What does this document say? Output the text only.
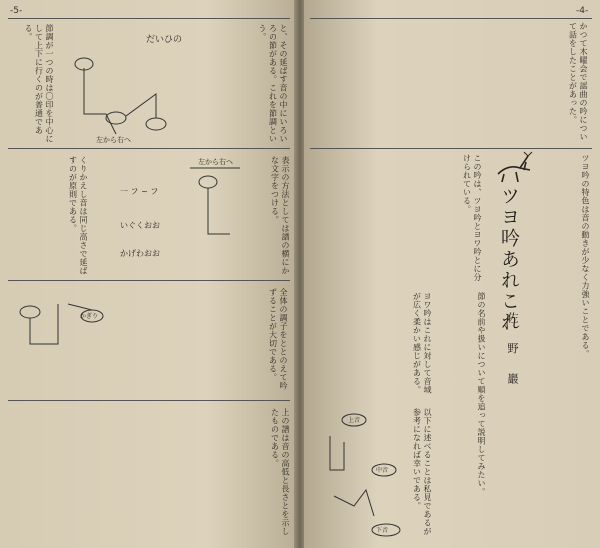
-5-
と、その延ばす音の中にいろいろの節がある。これを節調という。
節調が一つの時は〇印を中心にして上下に行くのが普通である。
表示の方法としては譜の横にかな文字をつける。
くりかえし音は同じ高さで延ばすのが原則である。
全体の調子をととのえて吟ずることが大切である。
上の譜は音の高低と長さとを示したものである。
だいひの
左から右へ
左から右へ
一 フ ~ フ
いぐくおお
かげわおお
かぎり
-4-
かつて木曜会で謡曲の吟について話をしたことがあった。
この吟は、ツヨ吟とヨワ吟とに分けられている。	ツヨ吟の特色は音の動きが少なく力強いことである。
ヨワ吟はこれに対して音域が広く柔かい感じがある。	節の名前や扱いについて順を追って説明してみたい。
以下に述べることは私見であるが参考になれば幸いである。
上音
中音
下音
ツヨ吟あれこれ
佐 野 巖
